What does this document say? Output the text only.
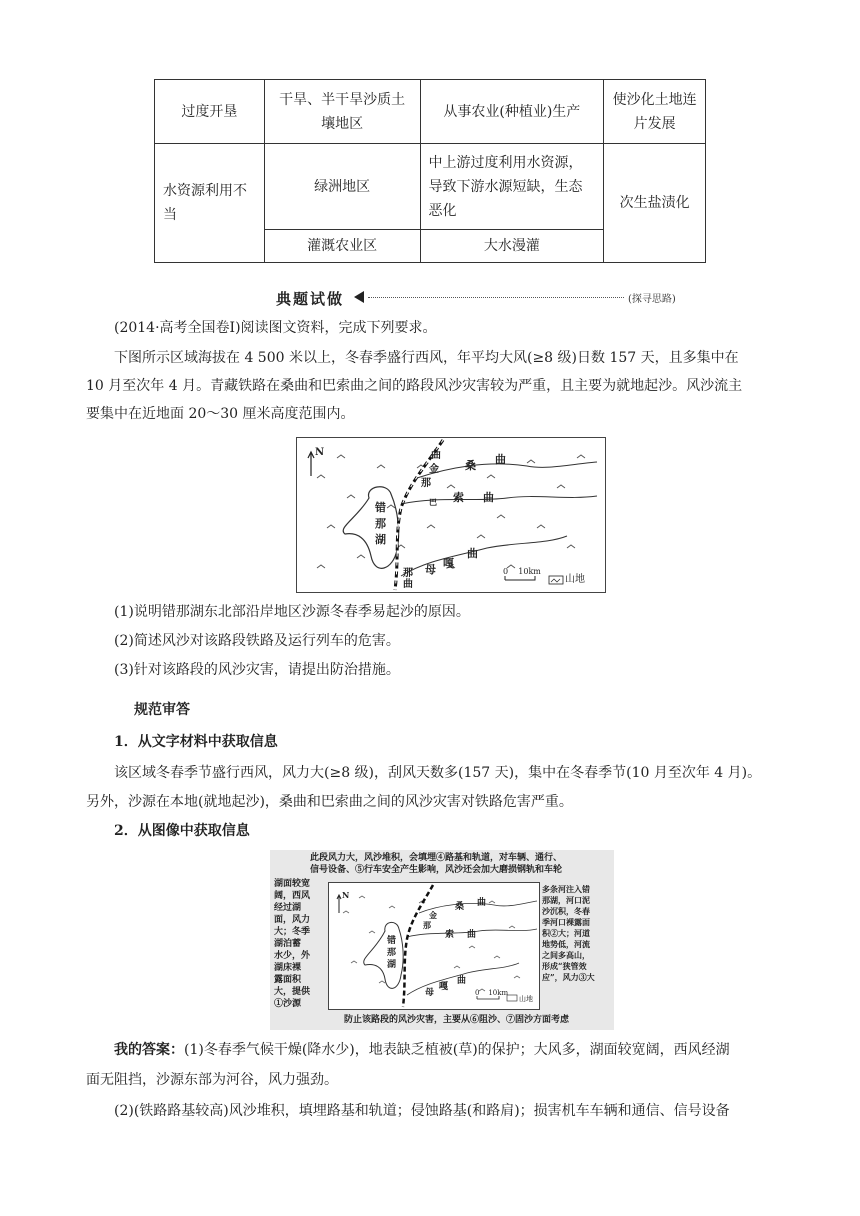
过度开垦	干旱、半干旱沙质土壤地区	从事农业(种植业)生产	使沙化土地连片发展
水资源利用不当	绿洲地区	中上游过度利用水资源，导致下游水源短缺，生态恶化	次生盐渍化
	灌溉农业区	大水漫灌	
典题试做	(探寻思路)
(2014·高考全国卷Ⅰ)阅读图文资料，完成下列要求。
下图所示区域海拔在 4 500 米以上，冬春季盛行西风，年平均大风(≥8 级)日数 157 天，且多集中在
10 月至次年 4 月。青藏铁路在桑曲和巴索曲之间的路段风沙灾害较为严重，且主要为就地起沙。风沙流主
要集中在近地面 20～30 厘米高度范围内。
N	曲
金
那
桑 曲
巴 索 曲
错
那
湖
曲
母 嘎
那
曲
0    10km
山地
(1)说明错那湖东北部沿岸地区沙源冬春季易起沙的原因。
(2)简述风沙对该路段铁路及运行列车的危害。
(3)针对该路段的风沙灾害，请提出防治措施。
规范审答
1．从文字材料中获取信息
该区域冬春季节盛行西风，风力大(≥8 级)，刮风天数多(157 天)，集中在冬春季节(10 月至次年 4 月)。
另外，沙源在本地(就地起沙)，桑曲和巴索曲之间的风沙灾害对铁路危害严重。
2．从图像中获取信息
此段风力大，风沙堆积，会填埋④路基和轨道，对车辆、通行、
信号设备、⑤行车安全产生影响，风沙还会加大磨损钢轨和车轮
湖面较宽
阔，西风
经过湖
面，风力
大；冬季
湖泊蓄
水少，外
湖床裸
露面积
大，提供
①沙源
多条河注入错
那湖，河口泥
沙沉积，冬春
季河口裸露面
积②大；河道
地势低，河流
之间多高山，
形成“狭管效
应”，风力③大
N
金
那
桑 曲
索 曲
错
那
湖
曲
母
嘎
0    10km
山地
防止该路段的风沙灾害，主要从⑥阻沙、⑦固沙方面考虑
我的答案：(1)冬春季气候干燥(降水少)，地表缺乏植被(草)的保护；大风多，湖面较宽阔，西风经湖
面无阻挡，沙源东部为河谷，风力强劲。
(2)(铁路路基较高)风沙堆积，填埋路基和轨道；侵蚀路基(和路肩)；损害机车车辆和通信、信号设备
